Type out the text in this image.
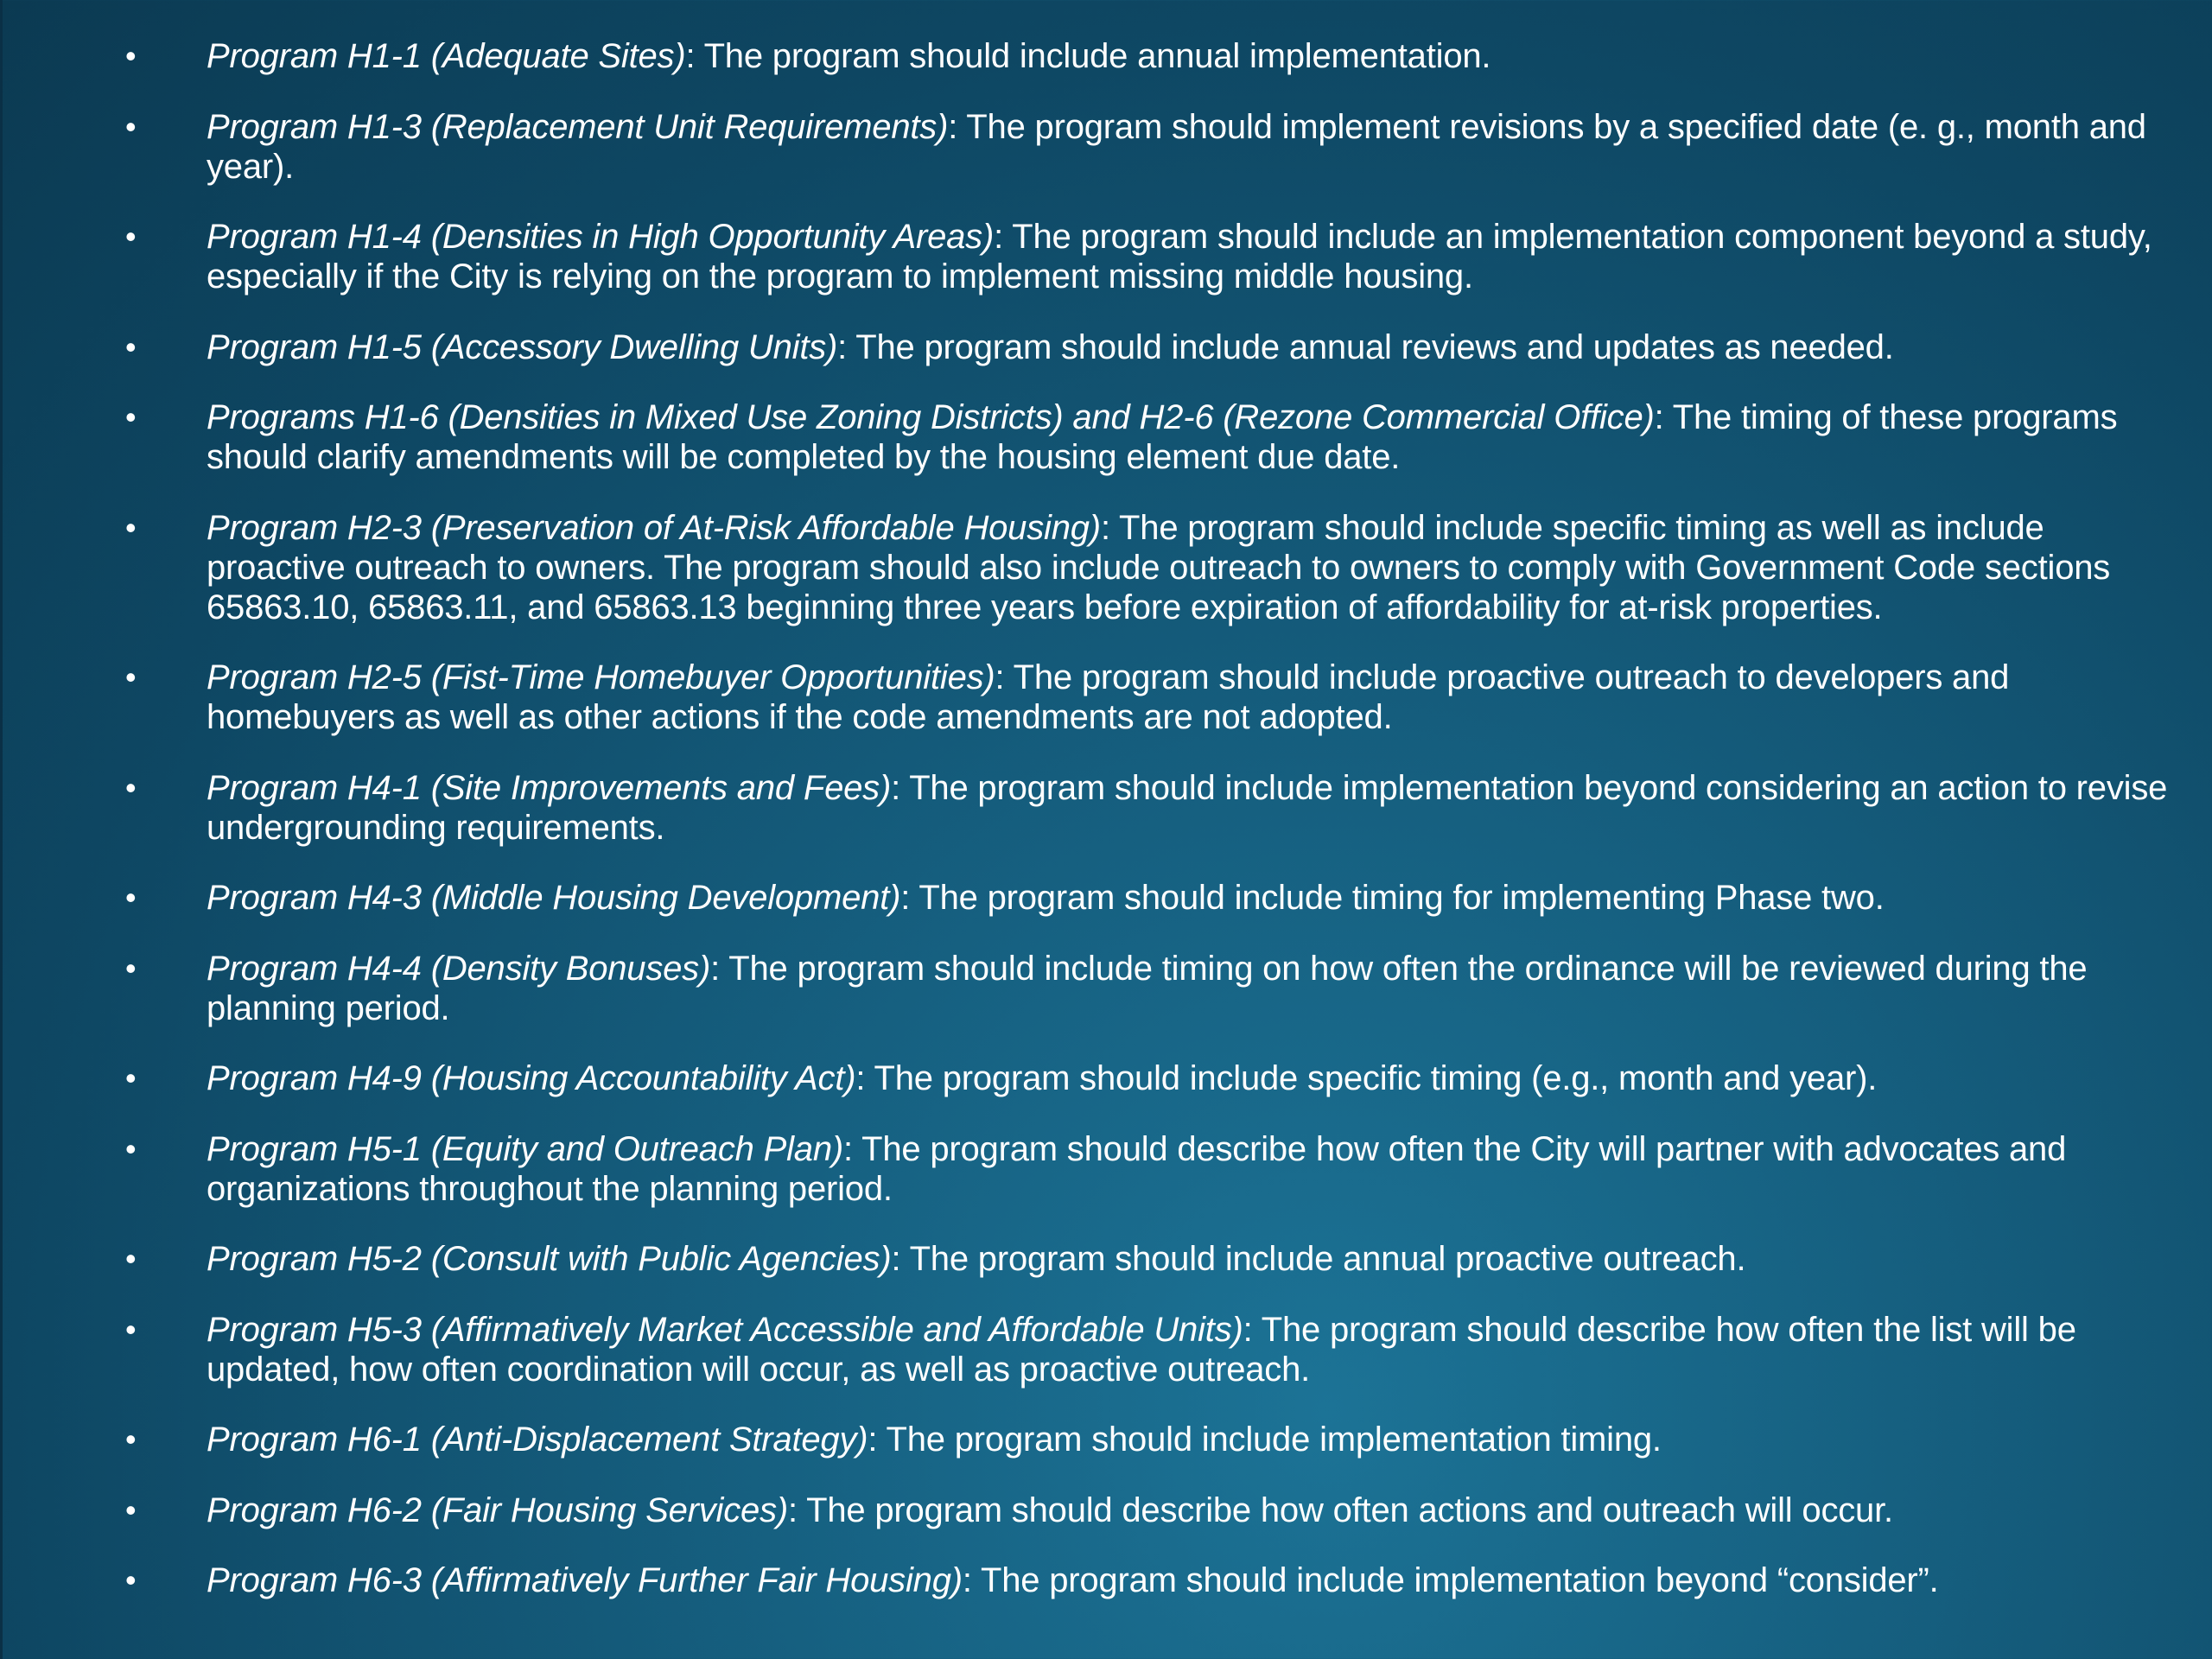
• Program H1-1 (Adequate Sites): The program should include annual implementation.
• Program H1-3 (Replacement Unit Requirements): The program should implement revisions by a specified date (e. g., month and year).
• Program H1-4 (Densities in High Opportunity Areas): The program should include an implementation component beyond a study, especially if the City is relying on the program to implement missing middle housing.
• Program H1-5 (Accessory Dwelling Units): The program should include annual reviews and updates as needed.
• Programs H1-6 (Densities in Mixed Use Zoning Districts) and H2-6 (Rezone Commercial Office): The timing of these programs should clarify amendments will be completed by the housing element due date.
• Program H2-3 (Preservation of At-Risk Affordable Housing): The program should include specific timing as well as include proactive outreach to owners. The program should also include outreach to owners to comply with Government Code sections 65863.10, 65863.11, and 65863.13 beginning three years before expiration of affordability for at-risk properties.
• Program H2-5 (Fist-Time Homebuyer Opportunities): The program should include proactive outreach to developers and homebuyers as well as other actions if the code amendments are not adopted.
• Program H4-1 (Site Improvements and Fees): The program should include implementation beyond considering an action to revise undergrounding requirements.
• Program H4-3 (Middle Housing Development): The program should include timing for implementing Phase two.
• Program H4-4 (Density Bonuses): The program should include timing on how often the ordinance will be reviewed during the planning period.
• Program H4-9 (Housing Accountability Act): The program should include specific timing (e.g., month and year).
• Program H5-1 (Equity and Outreach Plan): The program should describe how often the City will partner with advocates and organizations throughout the planning period.
• Program H5-2 (Consult with Public Agencies): The program should include annual proactive outreach.
• Program H5-3 (Affirmatively Market Accessible and Affordable Units): The program should describe how often the list will be updated, how often coordination will occur, as well as proactive outreach.
• Program H6-1 (Anti-Displacement Strategy): The program should include implementation timing.
• Program H6-2 (Fair Housing Services): The program should describe how often actions and outreach will occur.
• Program H6-3 (Affirmatively Further Fair Housing): The program should include implementation beyond “consider”.
